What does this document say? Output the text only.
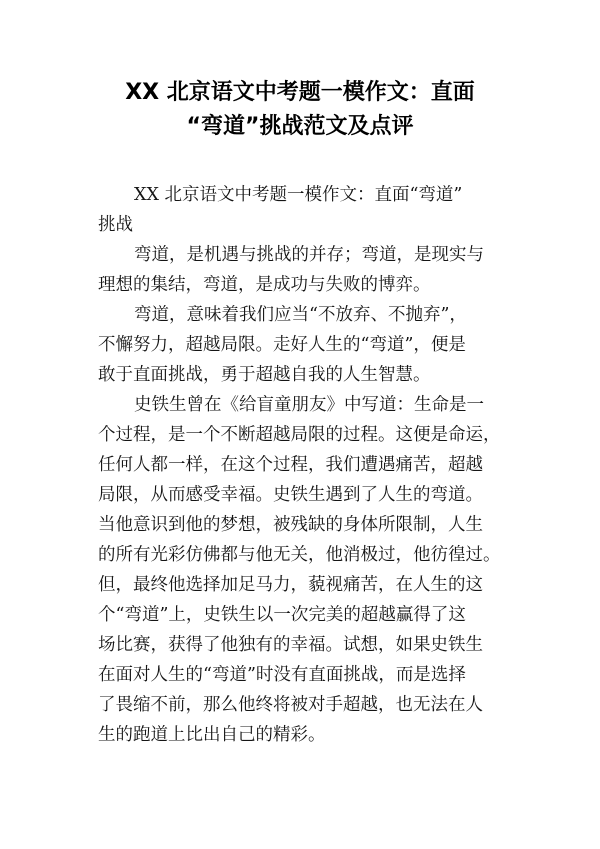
XX 北京语文中考题一模作文：直面
“弯道”挑战范文及点评
XX 北京语文中考题一模作文：直面“弯道”
挑战
弯道，是机遇与挑战的并存；弯道，是现实与
理想的集结，弯道，是成功与失败的博弈。
弯道，意味着我们应当“不放弃、不抛弃”，
不懈努力，超越局限。走好人生的“弯道”，便是
敢于直面挑战，勇于超越自我的人生智慧。
史铁生曾在《给盲童朋友》中写道：生命是一
个过程，是一个不断超越局限的过程。这便是命运，
任何人都一样，在这个过程，我们遭遇痛苦，超越
局限，从而感受幸福。史铁生遇到了人生的弯道。
当他意识到他的梦想，被残缺的身体所限制，人生
的所有光彩仿佛都与他无关，他消极过，他彷徨过。
但，最终他选择加足马力，藐视痛苦，在人生的这
个“弯道”上，史铁生以一次完美的超越赢得了这
场比赛，获得了他独有的幸福。试想，如果史铁生
在面对人生的“弯道”时没有直面挑战，而是选择
了畏缩不前，那么他终将被对手超越，也无法在人
生的跑道上比出自己的精彩。
